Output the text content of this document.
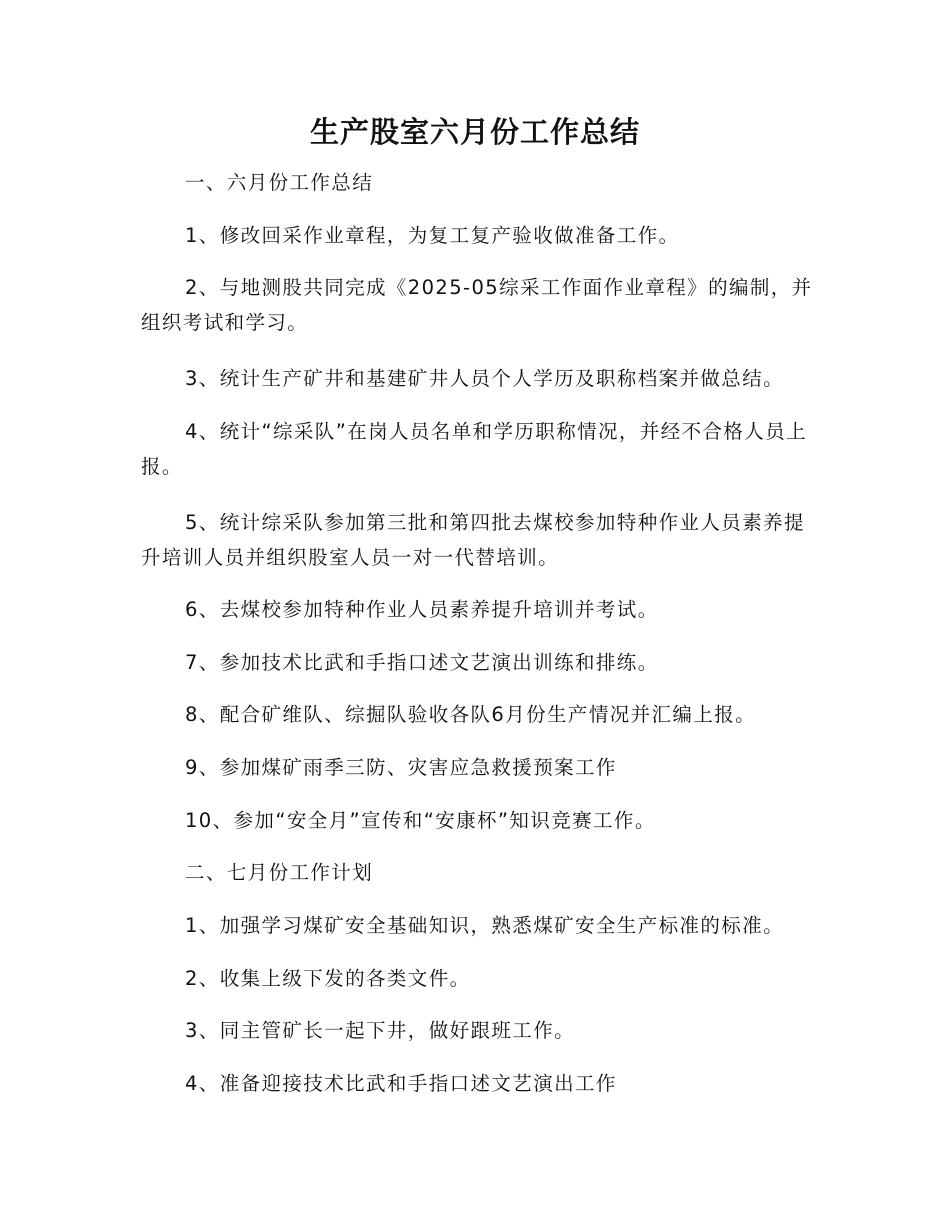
生产股室六月份工作总结

一、六月份工作总结

1、修改回采作业章程，为复工复产验收做准备工作。

2、与地测股共同完成《2025-05综采工作面作业章程》的编制，并组织考试和学习。

3、统计生产矿井和基建矿井人员个人学历及职称档案并做总结。

4、统计“综采队”在岗人员名单和学历职称情况，并经不合格人员上报。

5、统计综采队参加第三批和第四批去煤校参加特种作业人员素养提升培训人员并组织股室人员一对一代替培训。

6、去煤校参加特种作业人员素养提升培训并考试。

7、参加技术比武和手指口述文艺演出训练和排练。

8、配合矿维队、综掘队验收各队6月份生产情况并汇编上报。

9、参加煤矿雨季三防、灾害应急救援预案工作

10、参加“安全月”宣传和“安康杯”知识竞赛工作。

二、七月份工作计划

1、加强学习煤矿安全基础知识，熟悉煤矿安全生产标准的标准。

2、收集上级下发的各类文件。

3、同主管矿长一起下井，做好跟班工作。

4、准备迎接技术比武和手指口述文艺演出工作
